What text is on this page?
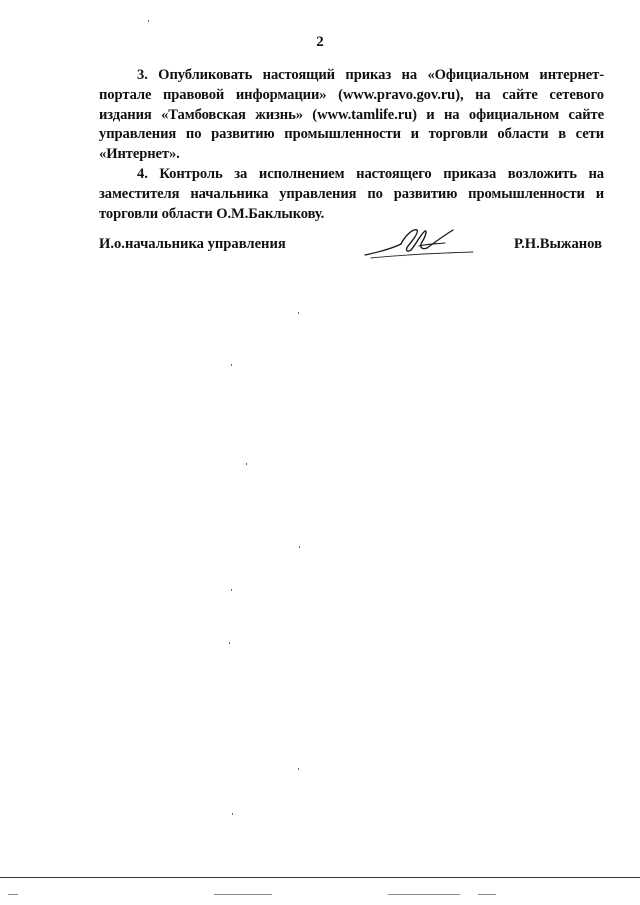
2

3. Опубликовать настоящий приказ на «Официальном интернет-портале правовой информации» (www.pravo.gov.ru), на сайте сетевого издания «Тамбовская жизнь» (www.tamlife.ru) и на официальном сайте управления по развитию промышленности и торговли области в сети «Интернет».

4. Контроль за исполнением настоящего приказа возложить на заместителя начальника управления по развитию промышленности и торговли области О.М.Баклыкову.

И.о.начальника управления	Р.Н.Выжанов
